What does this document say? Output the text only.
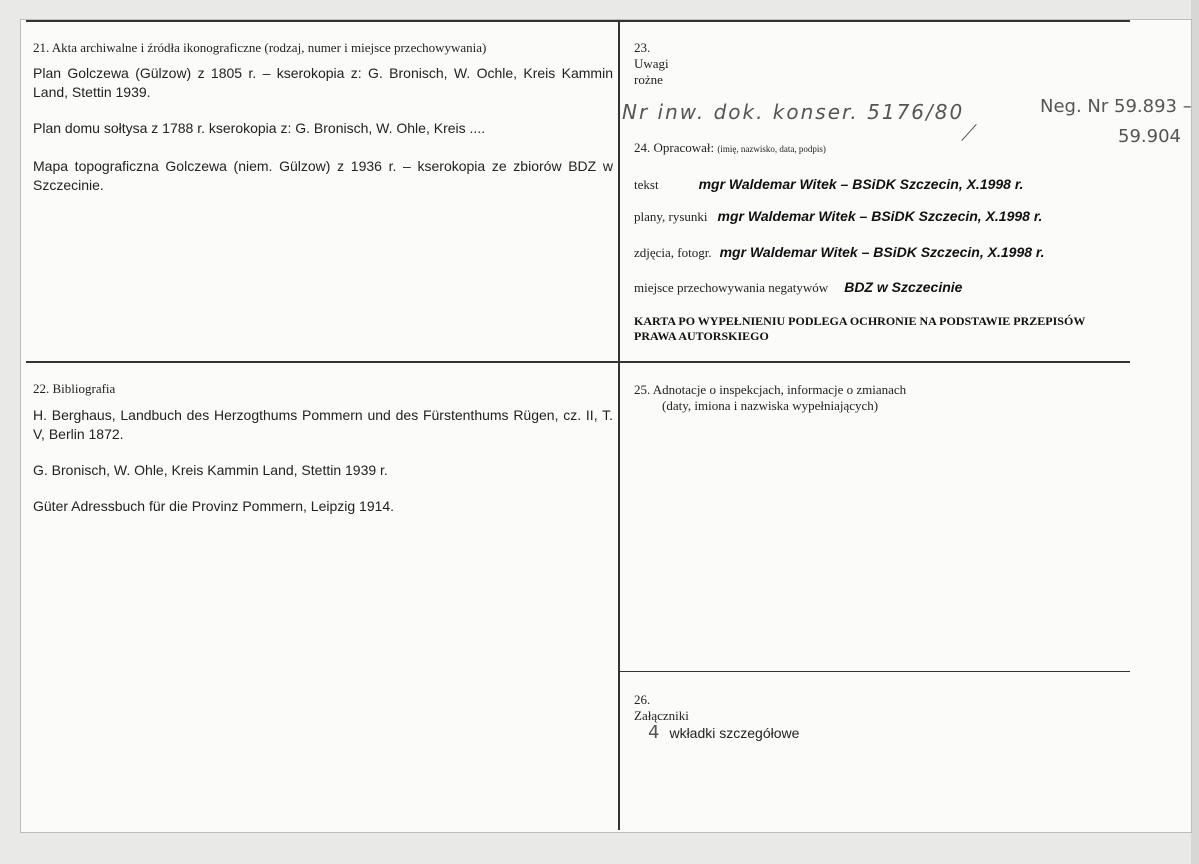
21. Akta archiwalne i źródła ikonograficzne (rodzaj, numer i miejsce przechowywania)
Plan Golczewa (Gülzow) z 1805 r. – kserokopia z: G. Bronisch, W. Ochle, Kreis Kammin Land, Stettin 1939.
Plan domu sołtysa z 1788 r. kserokopia z: G. Bronisch, W. Ohle, Kreis ....
Mapa topograficzna Golczewa (niem. Gülzow) z 1936 r. – kserokopia ze zbiorów BDZ w Szczecinie.
22. Bibliografia
H. Berghaus, Landbuch des Herzogthums Pommern und des Fürstenthums Rügen, cz. II, T. V, Berlin 1872.
G. Bronisch, W. Ohle, Kreis Kammin Land, Stettin 1939 r.
Güter Adressbuch für die Provinz Pommern, Leipzig 1914.
23. Uwagi rożne
Nr inw. dok. konser. 5176/80	Neg. Nr 59.893 –
59.904
24. Opracował: (imię, nazwisko, data, podpis)
tekst	mgr Waldemar Witek – BSiDK Szczecin, X.1998 r.
plany, rysunki mgr Waldemar Witek – BSiDK Szczecin, X.1998 r.
zdjęcia, fotogr. mgr Waldemar Witek – BSiDK Szczecin, X.1998 r.
miejsce przechowywania negatywów BDZ w Szczecinie
KARTA PO WYPEŁNIENIU PODLEGA OCHRONIE NA PODSTAWIE PRZEPISÓW PRAWA AUTORSKIEGO
25. Adnotacje o inspekcjach, informacje o zmianach
(daty, imiona i nazwiska wypełniających)
26. Załączniki
4 wkładki szczegółowe
